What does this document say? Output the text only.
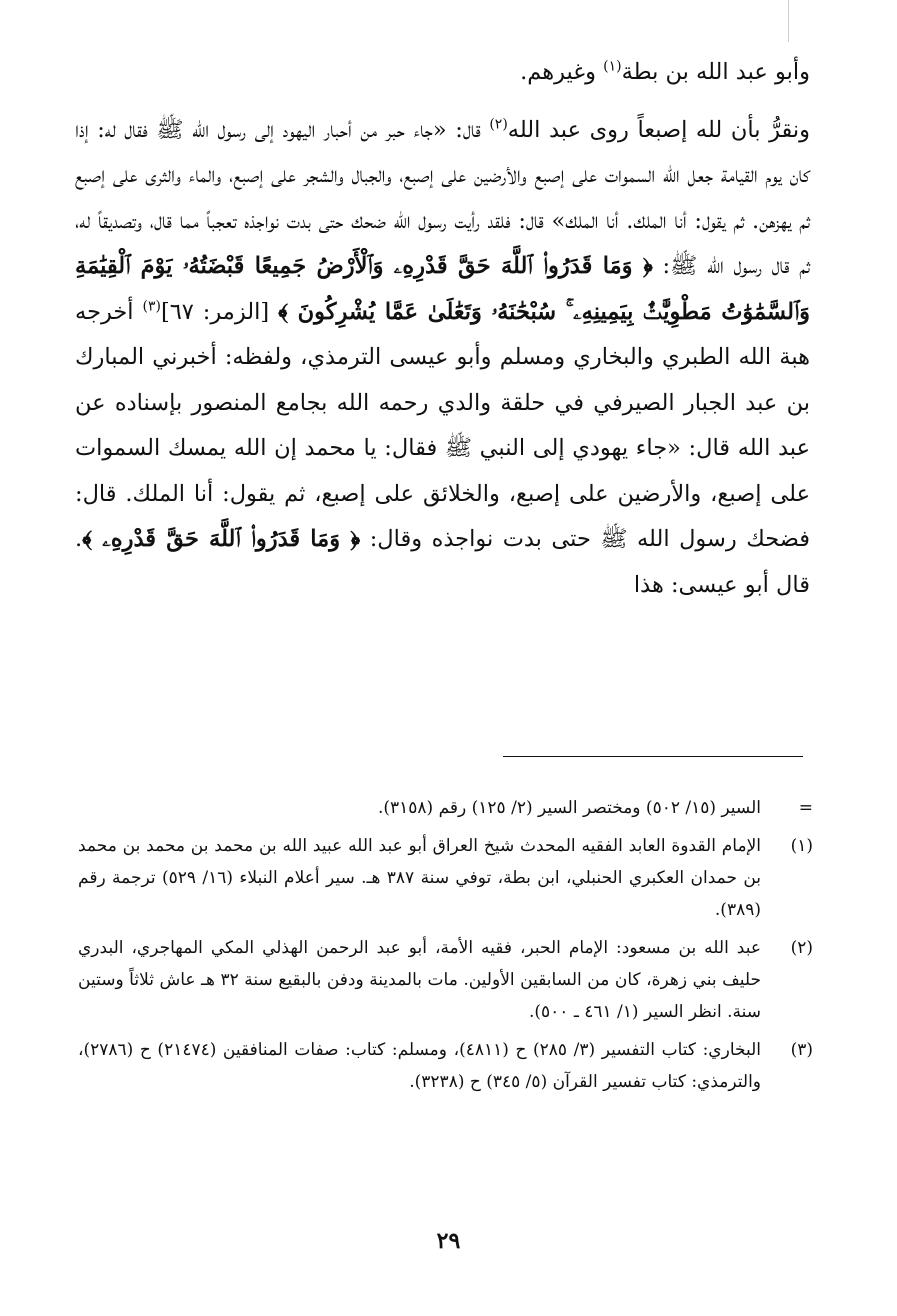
وأبو عبد الله بن بطة$^{(١)}$ وغيرهم.

ونقرُّ بأن لله إصبعاً روى عبد الله$^{(٢)}$ قال: «جاء حبر من أحبار اليهود إلى رسول الله ﷺ فقال له: إذا كان يوم القيامة جعل الله السموات على إصبع والأرضين على إصبع، والجبال والشجر على إصبع، والماء والثرى على إصبع ثم يهزهن. ثم يقول: أنا الملك. أنا الملك» قال: فلقد رأيت رسول الله ضحك حتى بدت نواجذه تعجباً مما قال، وتصديقاً له، ثم قال رسول الله ﷺ: ﴿ وَمَا قَدَرُوا۟ ٱللَّهَ حَقَّ قَدْرِهِۦ وَٱلْأَرْضُ جَمِيعًا قَبْضَتُهُۥ يَوْمَ ٱلْقِيَٰمَةِ وَٱلسَّمَٰوَٰتُ مَطْوِيَّٰتٌۢ بِيَمِينِهِۦ ۚ سُبْحَٰنَهُۥ وَتَعَٰلَىٰ عَمَّا يُشْرِكُونَ ﴾ [الزمر: ٦٧]$^{(٣)}$ أخرجه هبة الله الطبري والبخاري ومسلم وأبو عيسى الترمذي، ولفظه: أخبرني المبارك بن عبد الجبار الصيرفي في حلقة والدي رحمه الله بجامع المنصور بإسناده عن عبد الله قال: «جاء يهودي إلى النبي ﷺ فقال: يا محمد إن الله يمسك السموات على إصبع، والأرضين على إصبع، والخلائق على إصبع، ثم يقول: أنا الملك. قال: فضحك رسول الله ﷺ حتى بدت نواجذه وقال: ﴿ وَمَا قَدَرُوا۟ ٱللَّهَ حَقَّ قَدْرِهِۦ ﴾. قال أبو عيسى: هذا

=
السير (١٥/ ٥٠٢) ومختصر السير (٢/ ١٢٥) رقم (٣١٥٨).
(١)
الإمام القدوة العابد الفقيه المحدث شيخ العراق أبو عبد الله عبيد الله بن محمد بن محمد بن محمد بن حمدان العكبري الحنبلي، ابن بطة، توفي سنة ٣٨٧ هـ. سير أعلام النبلاء (١٦/ ٥٢٩) ترجمة رقم (٣٨٩).
(٢)
عبد الله بن مسعود: الإمام الحبر، فقيه الأمة، أبو عبد الرحمن الهذلي المكي المهاجري، البدري حليف بني زهرة، كان من السابقين الأولين. مات بالمدينة ودفن بالبقيع سنة ٣٢ هـ عاش ثلاثاً وستين سنة. انظر السير (١/ ٤٦١ ـ ٥٠٠).
(٣)
البخاري: كتاب التفسير (٣/ ٢٨٥) ح (٤٨١١)، ومسلم: كتاب: صفات المنافقين (٢١٤٧٤) ح (٢٧٨٦)، والترمذي: كتاب تفسير القرآن (٥/ ٣٤٥) ح (٣٢٣٨).
٢٩
